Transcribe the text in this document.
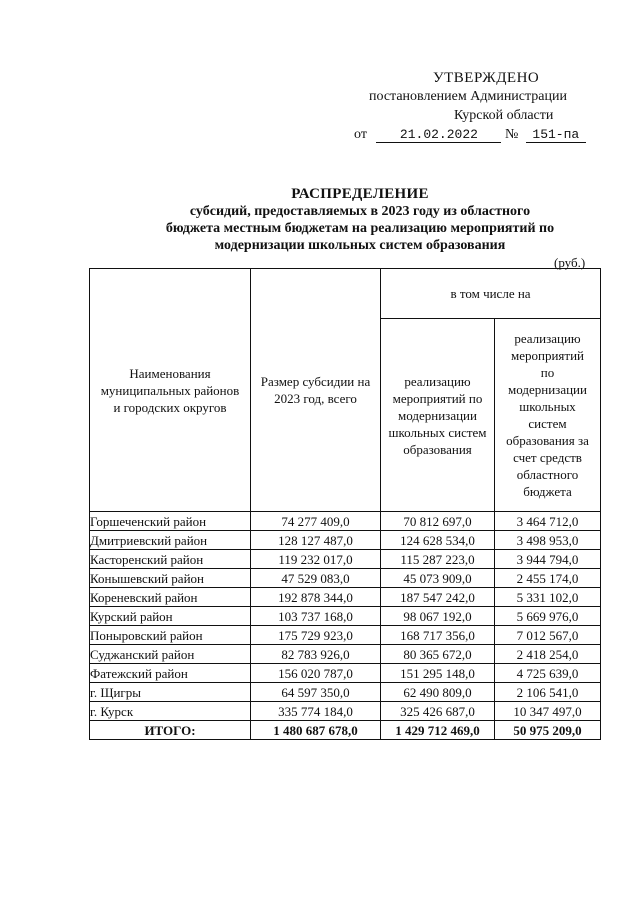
УТВЕРЖДЕНО
постановлением Администрации
Курской области
от	21.02.2022 № 151-па
РАСПРЕДЕЛЕНИЕ
субсидий, предоставляемых в 2023 году из областного
бюджета местным бюджетам на реализацию мероприятий по
модернизации школьных систем образования
(руб.)
Наименования муниципальных районов и городских округов	Размер субсидии на 2023 год, всего	в том числе на	
		реализацию мероприятий по модернизации школьных систем образования	реализацию мероприятий по модернизации школьных систем образования за счет средств областного бюджета
Горшеченский район	74 277 409,0	70 812 697,0	3 464 712,0
Дмитриевский район	128 127 487,0	124 628 534,0	3 498 953,0
Касторенский район	119 232 017,0	115 287 223,0	3 944 794,0
Конышевский район	47 529 083,0	45 073 909,0	2 455 174,0
Кореневский район	192 878 344,0	187 547 242,0	5 331 102,0
Курский район	103 737 168,0	98 067 192,0	5 669 976,0
Поныровский район	175 729 923,0	168 717 356,0	7 012 567,0
Суджанский район	82 783 926,0	80 365 672,0	2 418 254,0
Фатежский район	156 020 787,0	151 295 148,0	4 725 639,0
г. Щигры	64 597 350,0	62 490 809,0	2 106 541,0
г. Курск	335 774 184,0	325 426 687,0	10 347 497,0
ИТОГО:	1 480 687 678,0	1 429 712 469,0	50 975 209,0
